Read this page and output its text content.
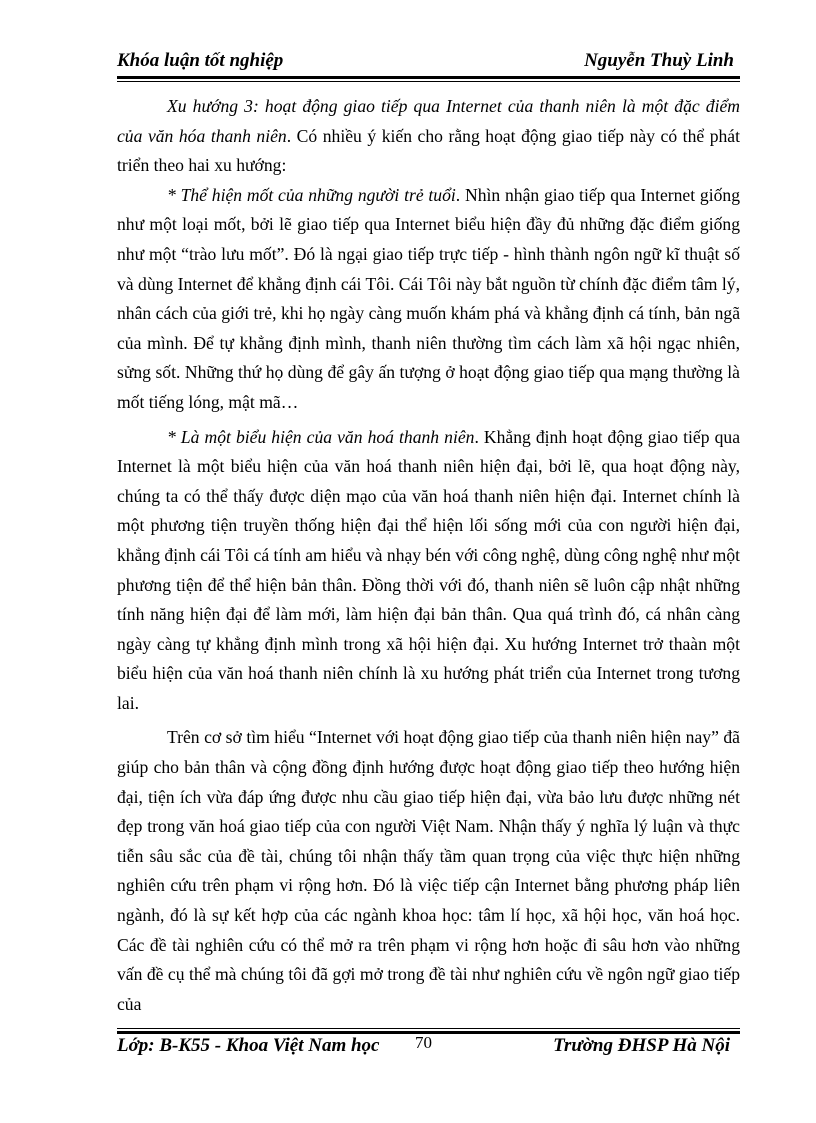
Khóa luận tốt nghiệp	Nguyễn Thuỳ Linh

Xu hướng 3: hoạt động giao tiếp qua Internet của thanh niên là một đặc điểm của văn hóa thanh niên. Có nhiều ý kiến cho rằng hoạt động giao tiếp này có thể phát triển theo hai xu hướng:

* Thể hiện mốt của những người trẻ tuổi. Nhìn nhận giao tiếp qua Internet giống như một loại mốt, bởi lẽ giao tiếp qua Internet biểu hiện đầy đủ những đặc điểm giống như một “trào lưu mốt”. Đó là ngại giao tiếp trực tiếp - hình thành ngôn ngữ kĩ thuật số và dùng Internet để khẳng định cái Tôi. Cái Tôi này bắt nguồn từ chính đặc điểm tâm lý, nhân cách của giới trẻ, khi họ ngày càng muốn khám phá và khẳng định cá tính, bản ngã của mình. Để tự khẳng định mình, thanh niên thường tìm cách làm xã hội ngạc nhiên, sửng sốt. Những thứ họ dùng để gây ấn tượng ở hoạt động giao tiếp qua mạng thường là mốt tiếng lóng, mật mã…

* Là một biểu hiện của văn hoá thanh niên. Khẳng định hoạt động giao tiếp qua Internet là một biểu hiện của văn hoá thanh niên hiện đại, bởi lẽ, qua hoạt động này, chúng ta có thể thấy được diện mạo của văn hoá thanh niên hiện đại. Internet chính là một phương tiện truyền thống hiện đại thể hiện lối sống mới của con người hiện đại, khẳng định cái Tôi cá tính am hiểu và nhạy bén với công nghệ, dùng công nghệ như một phương tiện để thể hiện bản thân. Đồng thời với đó, thanh niên sẽ luôn cập nhật những tính năng hiện đại để làm mới, làm hiện đại bản thân. Qua quá trình đó, cá nhân càng ngày càng tự khẳng định mình trong xã hội hiện đại. Xu hướng Internet trở thaàn một biểu hiện của văn hoá thanh niên chính là xu hướng phát triển của Internet trong tương lai.

Trên cơ sở tìm hiểu “Internet với hoạt động giao tiếp của thanh niên hiện nay” đã giúp cho bản thân và cộng đồng định hướng được hoạt động giao tiếp theo hướng hiện đại, tiện ích vừa đáp ứng được nhu cầu giao tiếp hiện đại, vừa bảo lưu được những nét đẹp trong văn hoá giao tiếp của con người Việt Nam. Nhận thấy ý nghĩa lý luận và thực tiễn sâu sắc của đề tài, chúng tôi nhận thấy tầm quan trọng của việc thực hiện những nghiên cứu trên phạm vi rộng hơn. Đó là việc tiếp cận Internet bằng phương pháp liên ngành, đó là sự kết hợp của các ngành khoa học: tâm lí học, xã hội học, văn hoá học. Các đề tài nghiên cứu có thể mở ra trên phạm vi rộng hơn hoặc đi sâu hơn vào những vấn đề cụ thể mà chúng tôi đã gợi mở trong đề tài như nghiên cứu về ngôn ngữ giao tiếp của

Lớp: B-K55 - Khoa Việt Nam học 70	Trường ĐHSP Hà Nội
